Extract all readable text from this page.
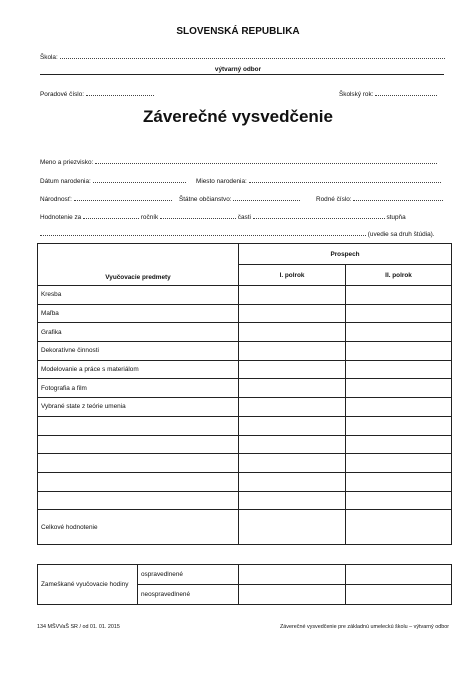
SLOVENSKÁ REPUBLIKA
Škola:
výtvarný odbor
Poradové číslo:	Školský rok:
Záverečné vysvedčenie
Meno a priezvisko:
Dátum narodenia:	Miesto narodenia:
Národnosť:	Štátne občianstvo:	Rodné číslo:
Hodnotenie za	ročník	časti	stupňa
(uvedie sa druh štúdia).
Vyučovacie predmety	Prospech	
	I. polrok	II. polrok
Kresba		
Maľba		
Grafika		
Dekoratívne činnosti		
Modelovanie a práce s materiálom		
Fotografia a film		
Vybrané state z teórie umenia		

Celkové hodnotenie		
Zameškané vyučovacie hodiny	ospravedlnené		
	neospravedlnené		
134 MŠVVaŠ SR / od 01. 01. 2015	Záverečné vysvedčenie pre základnú umeleckú školu – výtvarný odbor
